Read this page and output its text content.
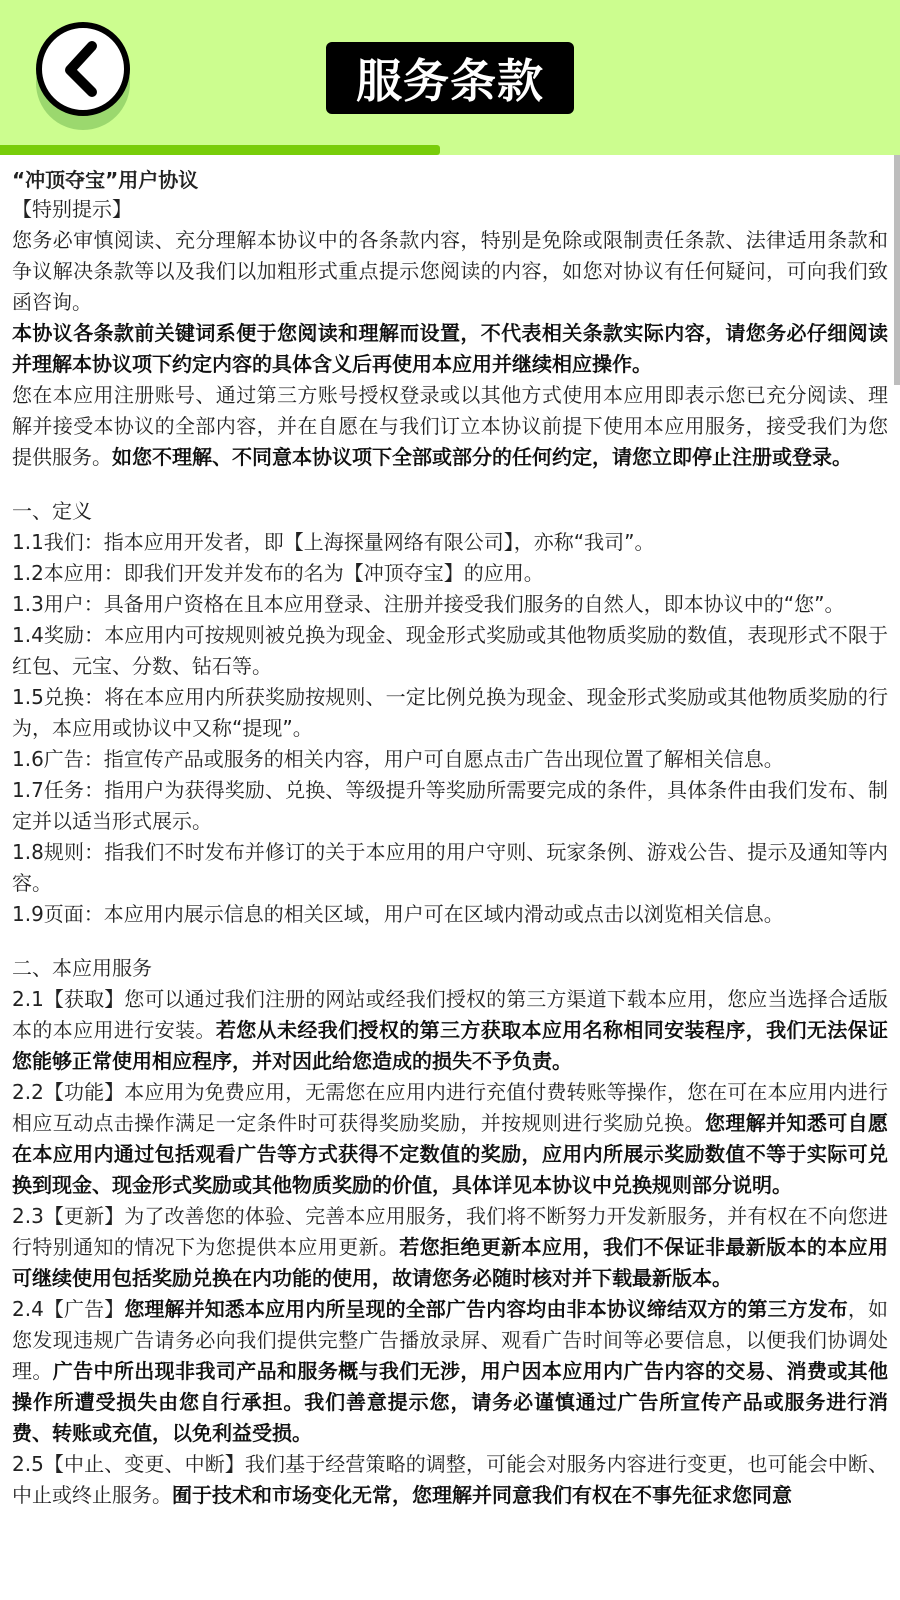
服务条款

“冲顶夺宝”用户协议

【特别提示】

您务必审慎阅读、充分理解本协议中的各条款内容，特别是免除或限制责任条款、法律适用条款和争议解决条款等以及我们以加粗形式重点提示您阅读的内容，如您对协议有任何疑问，可向我们致函咨询。

本协议各条款前关键词系便于您阅读和理解而设置，不代表相关条款实际内容，请您务必仔细阅读并理解本协议项下约定内容的具体含义后再使用本应用并继续相应操作。

您在本应用注册账号、通过第三方账号授权登录或以其他方式使用本应用即表示您已充分阅读、理解并接受本协议的全部内容，并在自愿在与我们订立本协议前提下使用本应用服务，接受我们为您提供服务。如您不理解、不同意本协议项下全部或部分的任何约定，请您立即停止注册或登录。

一、定义

1.1我们：指本应用开发者，即【上海探量网络有限公司】，亦称“我司”。

1.2本应用：即我们开发并发布的名为【冲顶夺宝】的应用。

1.3用户：具备用户资格在且本应用登录、注册并接受我们服务的自然人，即本协议中的“您”。

1.4奖励：本应用内可按规则被兑换为现金、现金形式奖励或其他物质奖励的数值，表现形式不限于红包、元宝、分数、钻石等。

1.5兑换：将在本应用内所获奖励按规则、一定比例兑换为现金、现金形式奖励或其他物质奖励的行为，本应用或协议中又称“提现”。

1.6广告：指宣传产品或服务的相关内容，用户可自愿点击广告出现位置了解相关信息。

1.7任务：指用户为获得奖励、兑换、等级提升等奖励所需要完成的条件，具体条件由我们发布、制定并以适当形式展示。

1.8规则：指我们不时发布并修订的关于本应用的用户守则、玩家条例、游戏公告、提示及通知等内容。

1.9页面：本应用内展示信息的相关区域，用户可在区域内滑动或点击以浏览相关信息。

二、本应用服务

2.1【获取】您可以通过我们注册的网站或经我们授权的第三方渠道下载本应用，您应当选择合适版本的本应用进行安装。若您从未经我们授权的第三方获取本应用名称相同安装程序，我们无法保证您能够正常使用相应程序，并对因此给您造成的损失不予负责。

2.2【功能】本应用为免费应用，无需您在应用内进行充值付费转账等操作，您在可在本应用内进行相应互动点击操作满足一定条件时可获得奖励奖励，并按规则进行奖励兑换。您理解并知悉可自愿在本应用内通过包括观看广告等方式获得不定数值的奖励，应用内所展示奖励数值不等于实际可兑换到现金、现金形式奖励或其他物质奖励的价值，具体详见本协议中兑换规则部分说明。

2.3【更新】为了改善您的体验、完善本应用服务，我们将不断努力开发新服务，并有权在不向您进行特别通知的情况下为您提供本应用更新。若您拒绝更新本应用，我们不保证非最新版本的本应用可继续使用包括奖励兑换在内功能的使用，故请您务必随时核对并下载最新版本。

2.4【广告】您理解并知悉本应用内所呈现的全部广告内容均由非本协议缔结双方的第三方发布，如您发现违规广告请务必向我们提供完整广告播放录屏、观看广告时间等必要信息，以便我们协调处理。广告中所出现非我司产品和服务概与我们无涉，用户因本应用内广告内容的交易、消费或其他操作所遭受损失由您自行承担。我们善意提示您，请务必谨慎通过广告所宣传产品或服务进行消费、转账或充值，以免利益受损。

2.5【中止、变更、中断】我们基于经营策略的调整，可能会对服务内容进行变更，也可能会中断、中止或终止服务。囿于技术和市场变化无常，您理解并同意我们有权在不事先征求您同意
